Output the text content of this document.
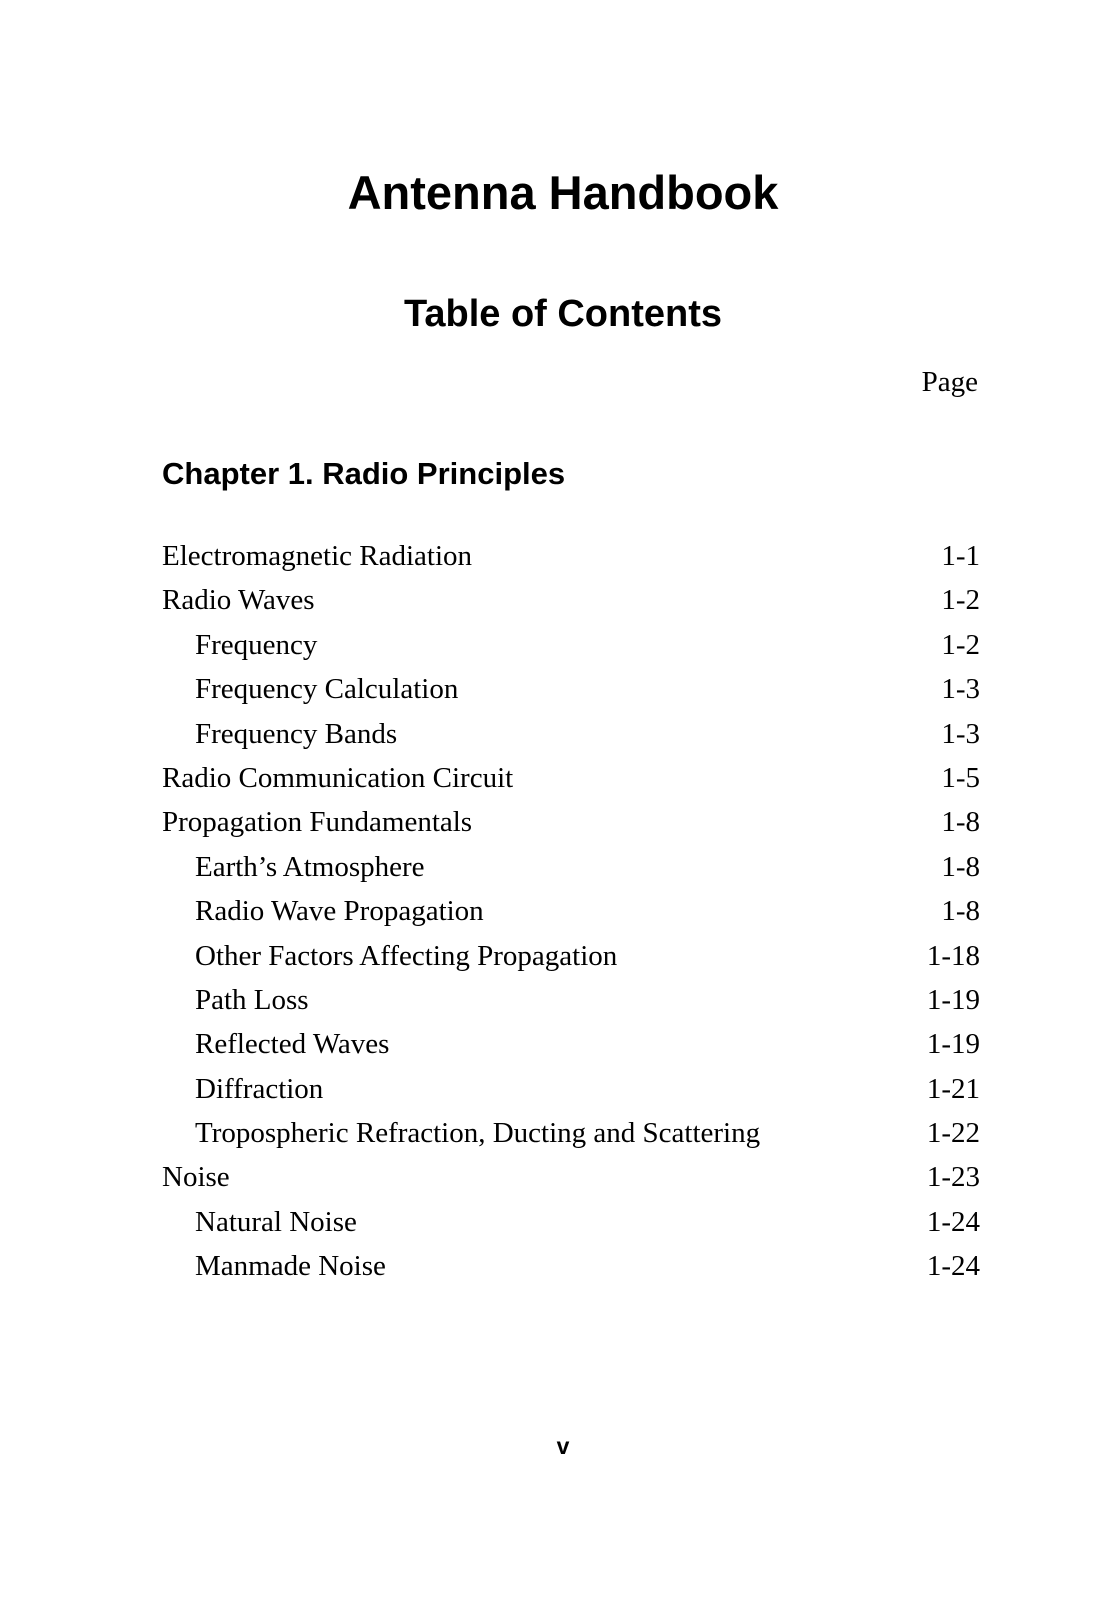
Antenna Handbook
Table of Contents
Page
Chapter 1. Radio Principles
Electromagnetic Radiation	1-1
Radio Waves	1-2
Frequency	1-2
Frequency Calculation	1-3
Frequency Bands	1-3
Radio Communication Circuit	1-5
Propagation Fundamentals	1-8
Earth’s Atmosphere	1-8
Radio Wave Propagation	1-8
Other Factors Affecting Propagation	1-18
Path Loss	1-19
Reflected Waves	1-19
Diffraction	1-21
Tropospheric Refraction, Ducting and Scattering	1-22
Noise	1-23
Natural Noise	1-24
Manmade Noise	1-24
v
